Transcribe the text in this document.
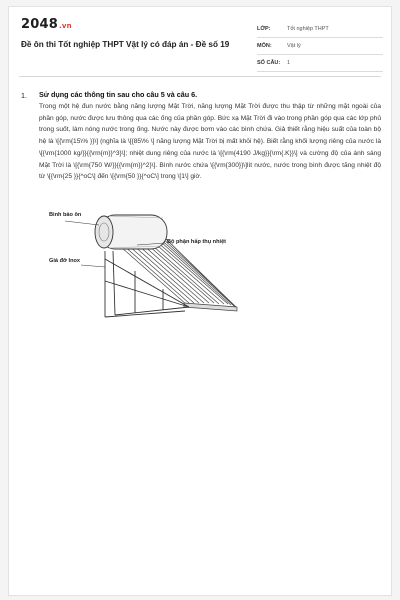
2048.vn
Đề ôn thi Tốt nghiệp THPT Vật lý có đáp án - Đề số 19
LỚP:	Tốt nghiệp THPT
MÔN:	Vật lý
SỐ CÂU:	1
1. Sử dụng các thông tin sau cho câu 5 và câu 6.
Trong một hệ đun nước bằng năng lượng Mặt Trời, năng lượng Mặt Trời được thu thập từ những mặt ngoài của phần góp, nước được lưu thông qua các ống của phần góp. Bức xạ Mặt Trời đi vào trong phần góp qua các lớp phủ trong suốt, làm nóng nước trong ống. Nước này được bơm vào các bình chứa. Giả thiết rằng hiệu suất của toàn bộ hệ là \[{\rm{15\% }}\] (nghĩa là \[{85\% \] năng lượng Mặt Trời bị mất khỏi hệ). Biết rằng khối lượng riêng của nước là \[{\rm{1000 kg/}}{{\rm{m}}^3}\]; nhiệt dung riêng của nước là \[{\rm{4190 J/kg}}{\rm{.K}}\] và cường độ của ánh sáng Mặt Trời là \[{\rm{750 W/}}{{\rm{m}}^2}\]. Bình nước chứa \[{\rm{300}}\]lít nước, nước trong bình được tăng nhiệt độ từ \[{\rm{25 }}{^oC\] đến \[{\rm{50 }}{^oC\] trong \[1\] giờ.
Bình bảo ôn
Bộ phận hấp thụ nhiệt
Giá đỡ Inox
